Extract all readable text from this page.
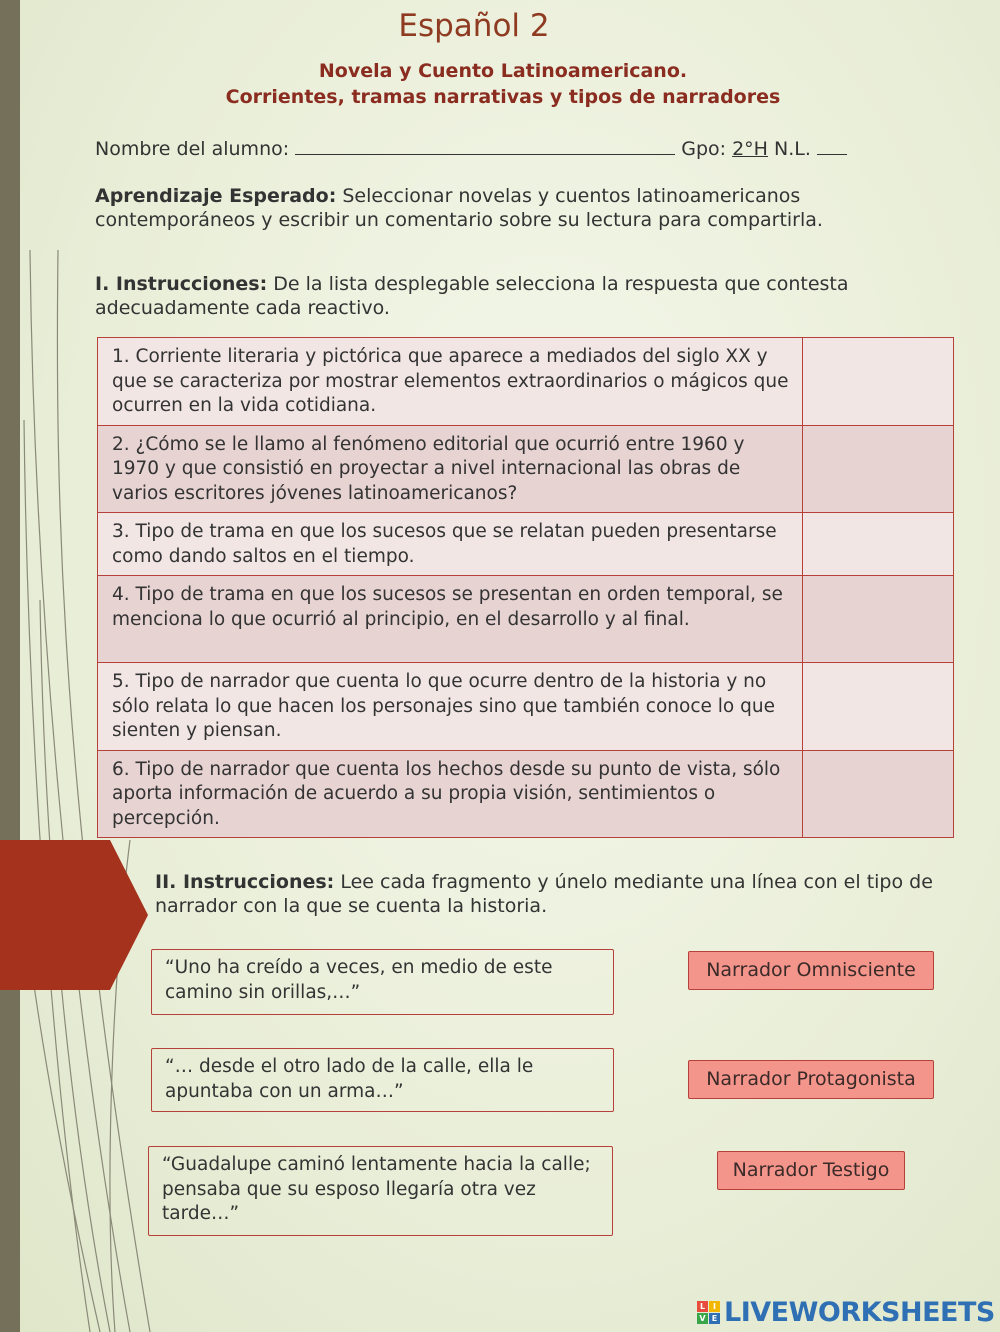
Español 2
Novela y Cuento Latinoamericano.
Corrientes, tramas narrativas y tipos de narradores
Nombre del alumno:	Gpo: 2°H N.L.
Aprendizaje Esperado: Seleccionar novelas y cuentos latinoamericanos
contemporáneos y escribir un comentario sobre su lectura para compartirla.
I. Instrucciones: De la lista desplegable selecciona la respuesta que contesta
adecuadamente cada reactivo.
1. Corriente literaria y pictórica que aparece a mediados del siglo XX y que se caracteriza por mostrar elementos extraordinarios o mágicos que ocurren en la vida cotidiana.	
2. ¿Cómo se le llamo al fenómeno editorial que ocurrió entre 1960 y 1970 y que consistió en proyectar a nivel internacional las obras de varios escritores jóvenes latinoamericanos?	
3. Tipo de trama en que los sucesos que se relatan pueden presentarse como dando saltos en el tiempo.	
4. Tipo de trama en que los sucesos se presentan en orden temporal, se menciona lo que ocurrió al principio, en el desarrollo y al final.	
5. Tipo de narrador que cuenta lo que ocurre dentro de la historia y no sólo relata lo que hacen los personajes sino que también conoce lo que sienten y piensan.	
6. Tipo de narrador que cuenta los hechos desde su punto de vista, sólo aporta información de acuerdo a su propia visión, sentimientos o percepción.	
II. Instrucciones: Lee cada fragmento y únelo mediante una línea con el tipo de
narrador con la que se cuenta la historia.
“Uno ha creído a veces, en medio de este camino sin orillas,…”
“… desde el otro lado de la calle, ella le apuntaba con un arma…”
“Guadalupe caminó lentamente hacia la calle; pensaba que su esposo llegaría otra vez tarde…”
Narrador Omnisciente
Narrador Protagonista
Narrador Testigo
L I
V E LIVEWORKSHEETS
